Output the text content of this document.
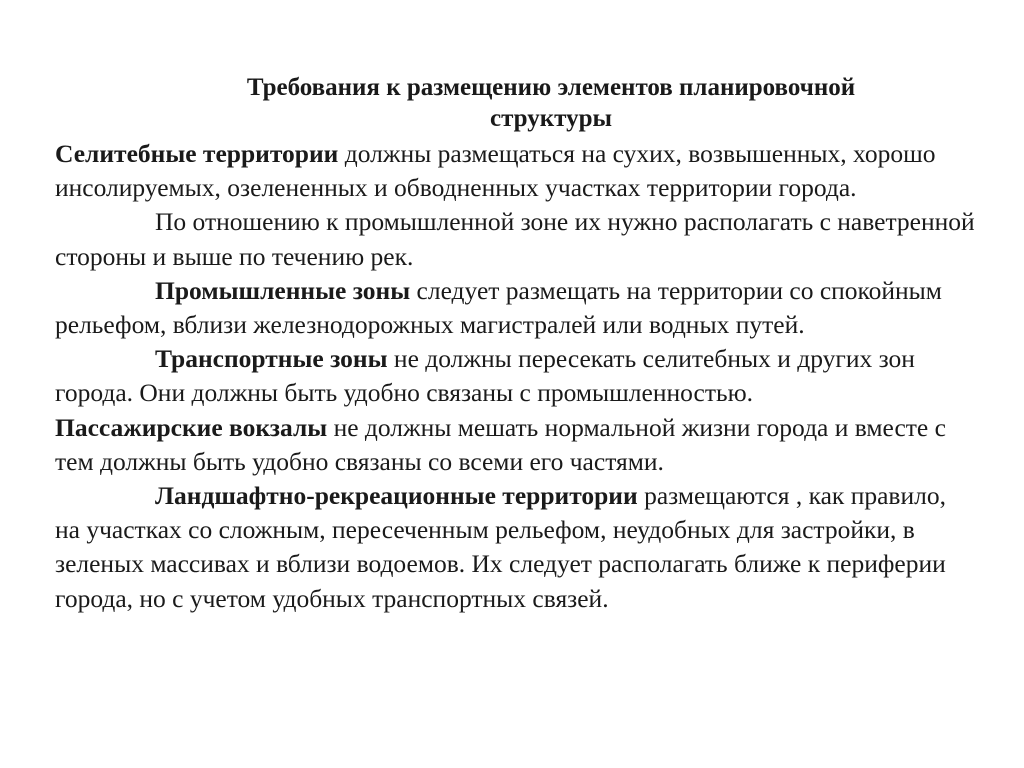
Требования к размещению элементов планировочной
структуры

Селитебные территории должны размещаться на сухих, возвышенных, хорошо инсолируемых, озелененных и обводненных участках территории города.

По отношению к промышленной зоне их нужно располагать с наветренной стороны и выше по течению рек.

Промышленные зоны следует размещать на территории со спокойным рельефом, вблизи железнодорожных магистралей или водных путей.

Транспортные зоны не должны пересекать селитебных и других зон города. Они должны быть удобно связаны с промышленностью.

Пассажирские вокзалы не должны мешать нормальной жизни города и вместе с тем должны быть удобно связаны со всеми его частями.

Ландшафтно-рекреационные территории размещаются , как правило, на участках со сложным, пересеченным рельефом, неудобных для застройки, в зеленых массивах и вблизи водоемов. Их следует располагать ближе к периферии города, но с учетом удобных транспортных связей.
